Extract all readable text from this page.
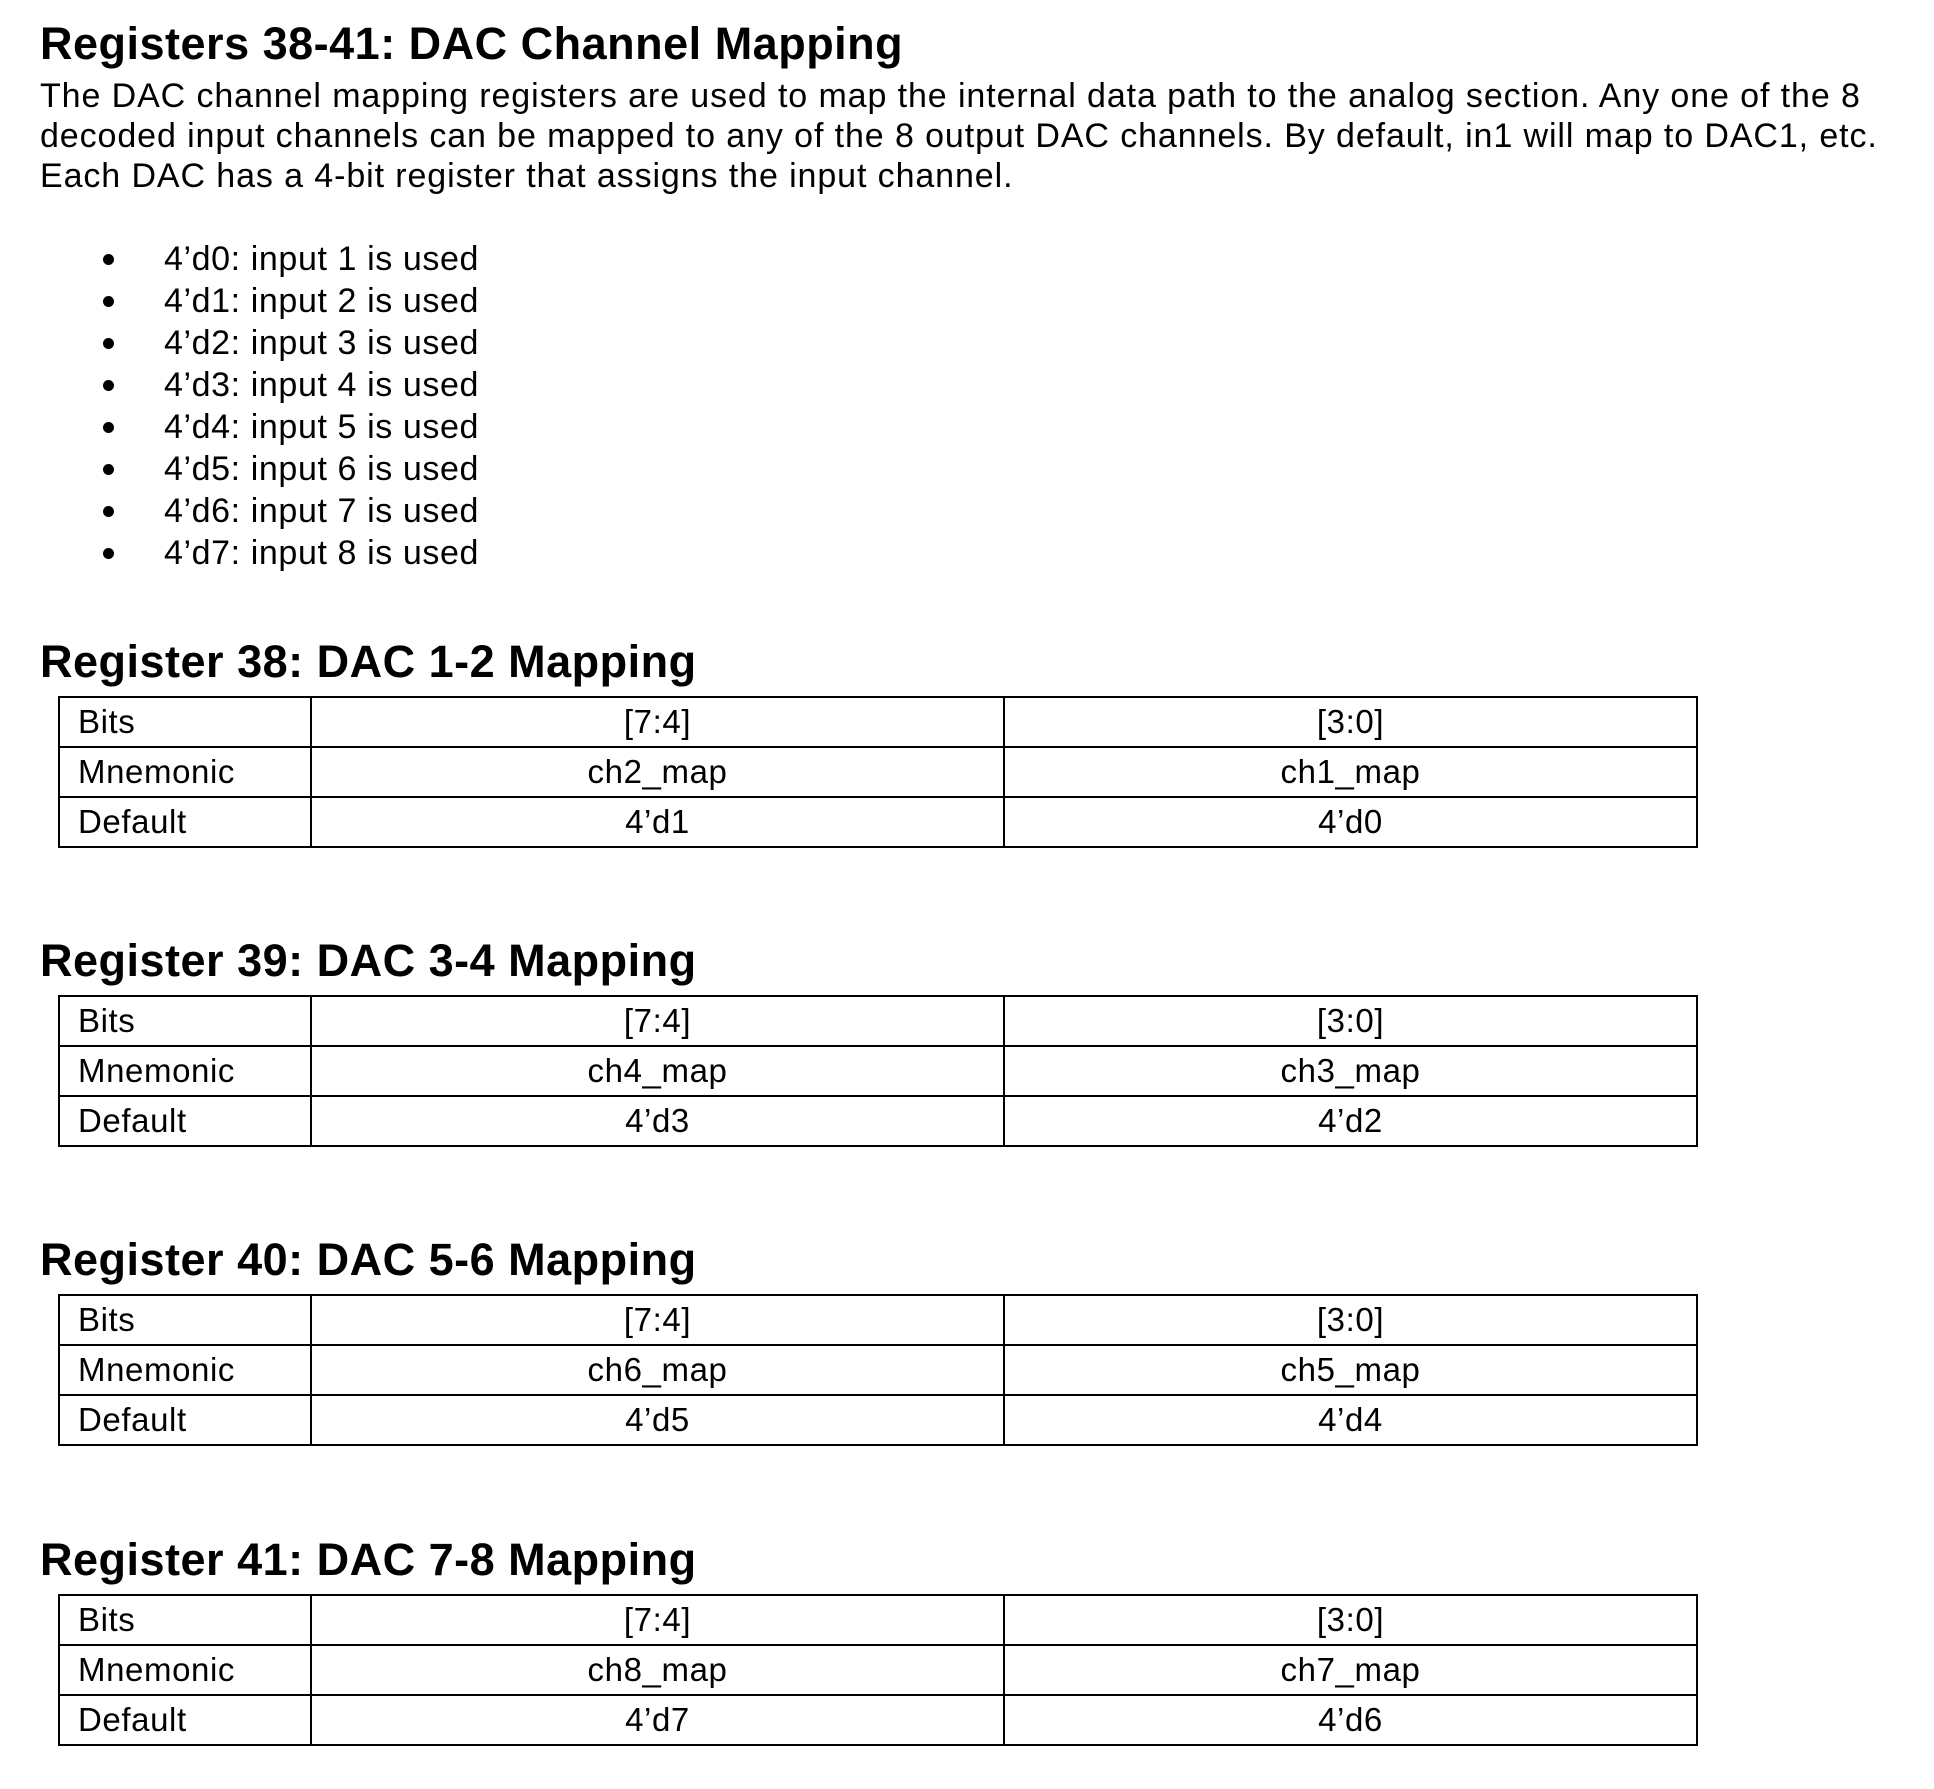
Registers 38-41: DAC Channel Mapping

The DAC channel mapping registers are used to map the internal data path to the analog section. Any one of the 8
decoded input channels can be mapped to any of the 8 output DAC channels. By default, in1 will map to DAC1, etc.
Each DAC has a 4-bit register that assigns the input channel.

4’d0: input 1 is used
4’d1: input 2 is used
4’d2: input 3 is used
4’d3: input 4 is used
4’d4: input 5 is used
4’d5: input 6 is used
4’d6: input 7 is used
4’d7: input 8 is used
Register 38: DAC 1-2 Mapping
Bits	[7:4]	[3:0]
Mnemonic	ch2_map	ch1_map
Default	4’d1	4’d0
Register 39: DAC 3-4 Mapping
Bits	[7:4]	[3:0]
Mnemonic	ch4_map	ch3_map
Default	4’d3	4’d2
Register 40: DAC 5-6 Mapping
Bits	[7:4]	[3:0]
Mnemonic	ch6_map	ch5_map
Default	4’d5	4’d4
Register 41: DAC 7-8 Mapping
Bits	[7:4]	[3:0]
Mnemonic	ch8_map	ch7_map
Default	4’d7	4’d6
